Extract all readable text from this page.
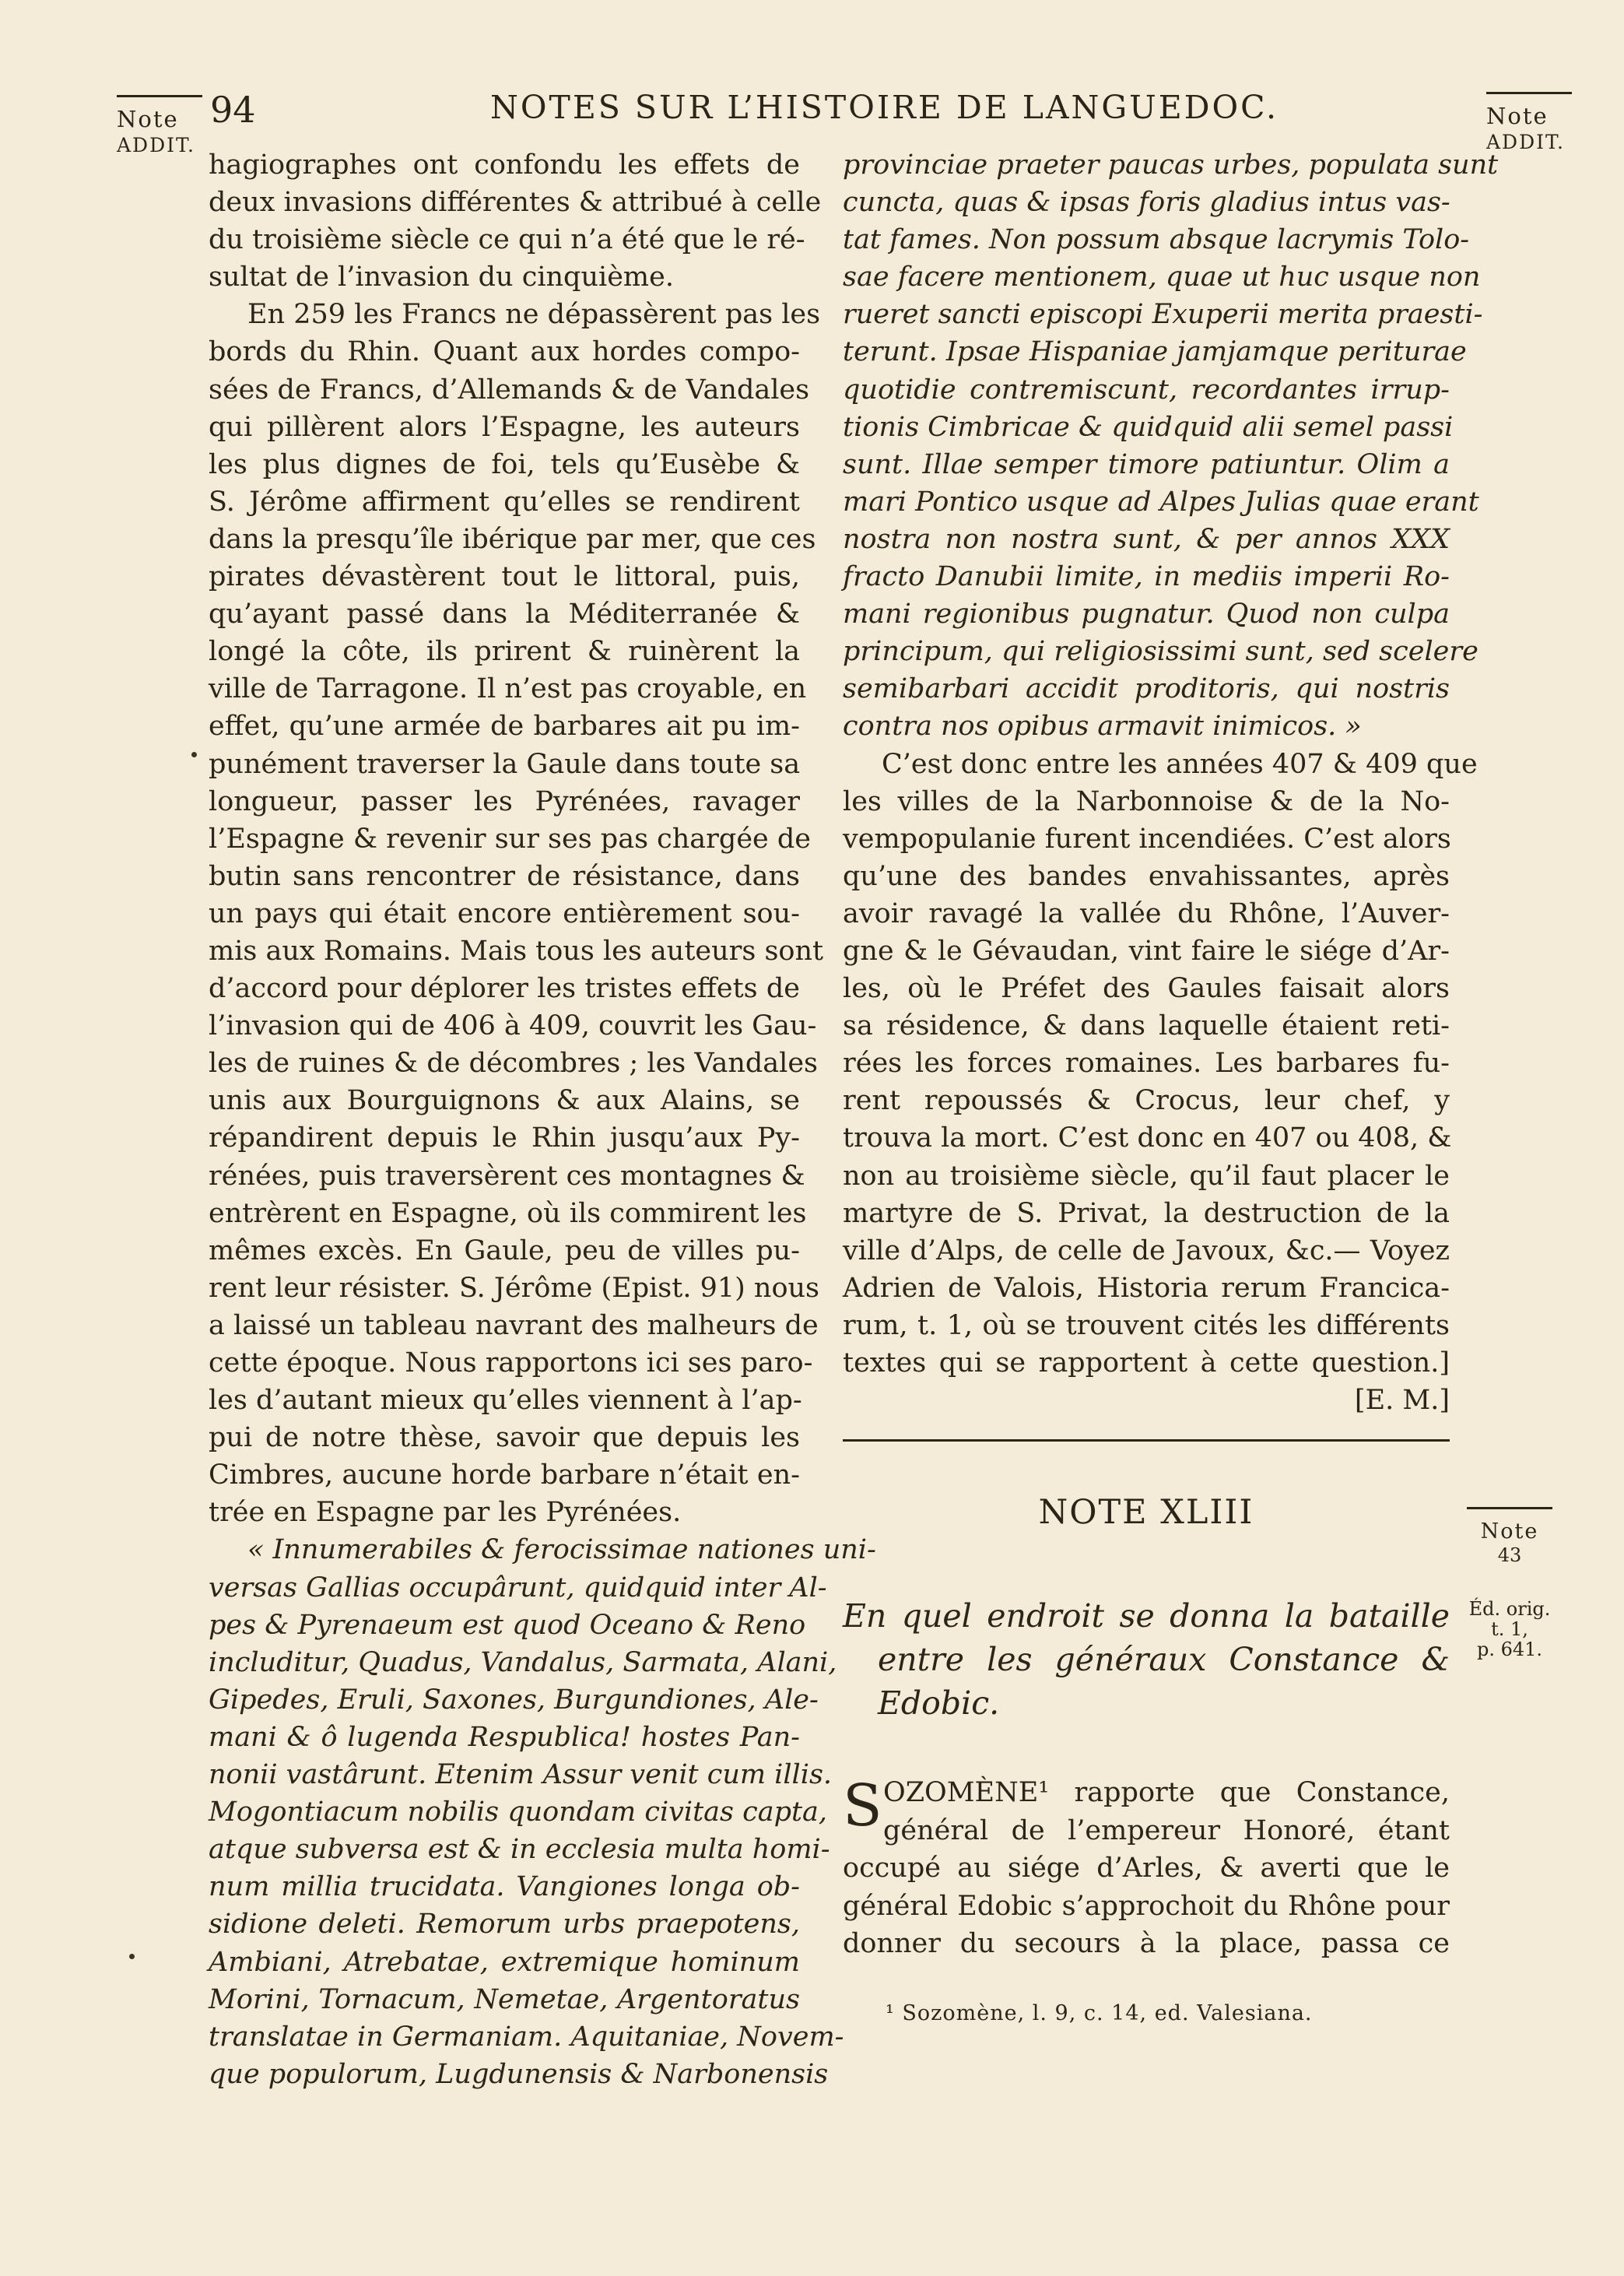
Note
ADDIT.
94	NOTES SUR L’HISTOIRE DE LANGUEDOC.	Note
ADDIT.

hagiographes ont confondu les effets de
deux invasions différentes & attribué à celle
du troisième siècle ce qui n’a été que le ré-
sultat de l’invasion du cinquième.

En 259 les Francs ne dépassèrent pas les
bords du Rhin. Quant aux hordes compo-
sées de Francs, d’Allemands & de Vandales
qui pillèrent alors l’Espagne, les auteurs
les plus dignes de foi, tels qu’Eusèbe &
S. Jérôme affirment qu’elles se rendirent
dans la presqu’île ibérique par mer, que ces
pirates dévastèrent tout le littoral, puis,
qu’ayant passé dans la Méditerranée &
longé la côte, ils prirent & ruinèrent la
ville de Tarragone. Il n’est pas croyable, en
effet, qu’une armée de barbares ait pu im-
punément traverser la Gaule dans toute sa
longueur, passer les Pyrénées, ravager
l’Espagne & revenir sur ses pas chargée de
butin sans rencontrer de résistance, dans
un pays qui était encore entièrement sou-
mis aux Romains. Mais tous les auteurs sont
d’accord pour déplorer les tristes effets de
l’invasion qui de 406 à 409, couvrit les Gau-
les de ruines & de décombres ; les Vandales
unis aux Bourguignons & aux Alains, se
répandirent depuis le Rhin jusqu’aux Py-
rénées, puis traversèrent ces montagnes &
entrèrent en Espagne, où ils commirent les
mêmes excès. En Gaule, peu de villes pu-
rent leur résister. S. Jérôme (Epist. 91) nous
a laissé un tableau navrant des malheurs de
cette époque. Nous rapportons ici ses paro-
les d’autant mieux qu’elles viennent à l’ap-
pui de notre thèse, savoir que depuis les
Cimbres, aucune horde barbare n’était en-
trée en Espagne par les Pyrénées.

« Innumerabiles & ferocissimae nationes uni-
versas Gallias occupârunt, quidquid inter Al-
pes & Pyrenaeum est quod Oceano & Reno
includitur, Quadus, Vandalus, Sarmata, Alani,
Gipedes, Eruli, Saxones, Burgundiones, Ale-
mani & ô lugenda Respublica! hostes Pan-
nonii vastârunt. Etenim Assur venit cum illis.
Mogontiacum nobilis quondam civitas capta,
atque subversa est & in ecclesia multa homi-
num millia trucidata. Vangiones longa ob-
sidione deleti. Remorum urbs praepotens,
Ambiani, Atrebatae, extremique hominum
Morini, Tornacum, Nemetae, Argentoratus
translatae in Germaniam. Aquitaniae, Novem-
que populorum, Lugdunensis & Narbonensis

provinciae praeter paucas urbes, populata sunt
cuncta, quas & ipsas foris gladius intus vas-
tat fames. Non possum absque lacrymis Tolo-
sae facere mentionem, quae ut huc usque non
rueret sancti episcopi Exuperii merita praesti-
terunt. Ipsae Hispaniae jamjamque periturae
quotidie contremiscunt, recordantes irrup-
tionis Cimbricae & quidquid alii semel passi
sunt. Illae semper timore patiuntur. Olim a
mari Pontico usque ad Alpes Julias quae erant
nostra non nostra sunt, & per annos XXX
fracto Danubii limite, in mediis imperii Ro-
mani regionibus pugnatur. Quod non culpa
principum, qui religiosissimi sunt, sed scelere
semibarbari accidit proditoris, qui nostris
contra nos opibus armavit inimicos. »

C’est donc entre les années 407 & 409 que
les villes de la Narbonnoise & de la No-
vempopulanie furent incendiées. C’est alors
qu’une des bandes envahissantes, après
avoir ravagé la vallée du Rhône, l’Auver-
gne & le Gévaudan, vint faire le siége d’Ar-
les, où le Préfet des Gaules faisait alors
sa résidence, & dans laquelle étaient reti-
rées les forces romaines. Les barbares fu-
rent repoussés & Crocus, leur chef, y
trouva la mort. C’est donc en 407 ou 408, &
non au troisième siècle, qu’il faut placer le
martyre de S. Privat, la destruction de la
ville d’Alps, de celle de Javoux, &c.— Voyez
Adrien de Valois, Historia rerum Francica-
rum, t. 1, où se trouvent cités les différents
textes qui se rapportent à cette question.]
[E. M.]

NOTE XLIII
En quel endroit se donna la bataille
entre les généraux Constance &
Edobic.
S OZOMÈNE¹ rapporte que Constance,
général de l’empereur Honoré, étant
occupé au siége d’Arles, & averti que le
général Edobic s’approchoit du Rhône pour
donner du secours à la place, passa ce
¹ Sozomène, l. 9, c. 14, ed. Valesiana.
Note
43
Éd. orig.
t. 1,
p. 641.
